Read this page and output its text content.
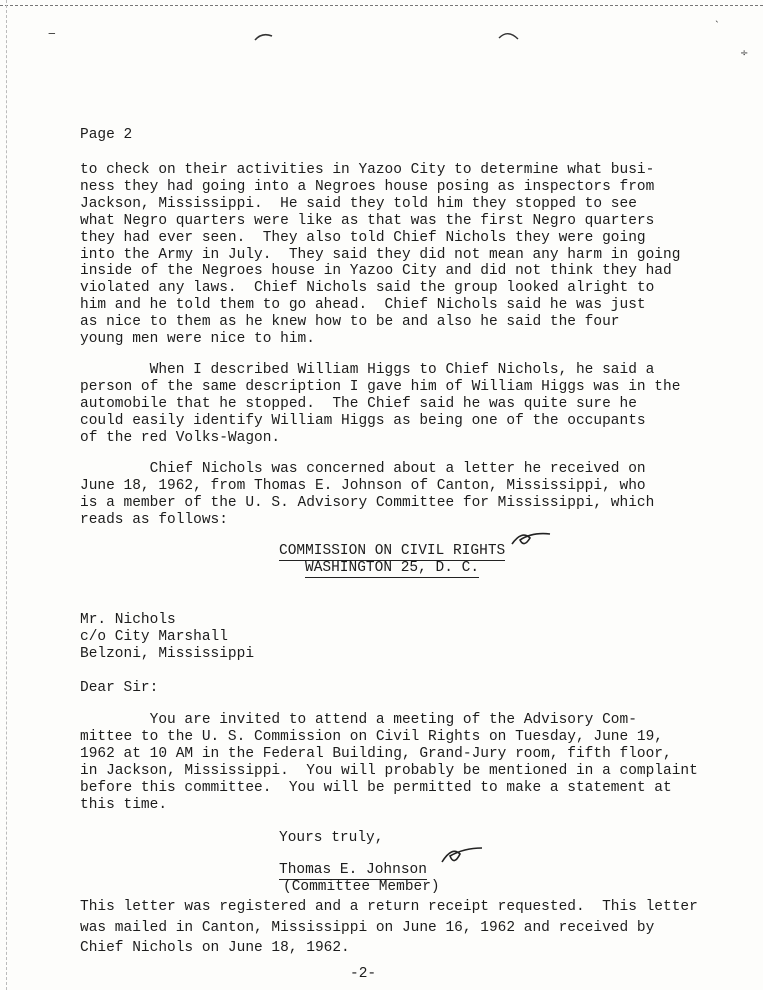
‒
˴
÷
Page 2
to check on their activities in Yazoo City to determine what busi-
ness they had going into a Negroes house posing as inspectors from
Jackson, Mississippi.  He said they told him they stopped to see
what Negro quarters were like as that was the first Negro quarters
they had ever seen.  They also told Chief Nichols they were going
into the Army in July.  They said they did not mean any harm in going
inside of the Negroes house in Yazoo City and did not think they had
violated any laws.  Chief Nichols said the group looked alright to
him and he told them to go ahead.  Chief Nichols said he was just
as nice to them as he knew how to be and also he said the four
young men were nice to him.
When I described William Higgs to Chief Nichols, he said a
person of the same description I gave him of William Higgs was in the
automobile that he stopped.  The Chief said he was quite sure he
could easily identify William Higgs as being one of the occupants
of the red Volks-Wagon.
Chief Nichols was concerned about a letter he received on
June 18, 1962, from Thomas E. Johnson of Canton, Mississippi, who
is a member of the U. S. Advisory Committee for Mississippi, which
reads as follows:
COMMISSION ON CIVIL RIGHTS
WASHINGTON 25, D. C.
Mr. Nichols
c/o City Marshall
Belzoni, Mississippi
Dear Sir:
You are invited to attend a meeting of the Advisory Com-
mittee to the U. S. Commission on Civil Rights on Tuesday, June 19,
1962 at 10 AM in the Federal Building, Grand-Jury room, fifth floor,
in Jackson, Mississippi.  You will probably be mentioned in a complaint
before this committee.  You will be permitted to make a statement at
this time.
Yours truly,
Thomas E. Johnson
(Committee Member)
This letter was registered and a return receipt requested.  This letter
was mailed in Canton, Mississippi on June 16, 1962 and received by
Chief Nichols on June 18, 1962.
-2-
